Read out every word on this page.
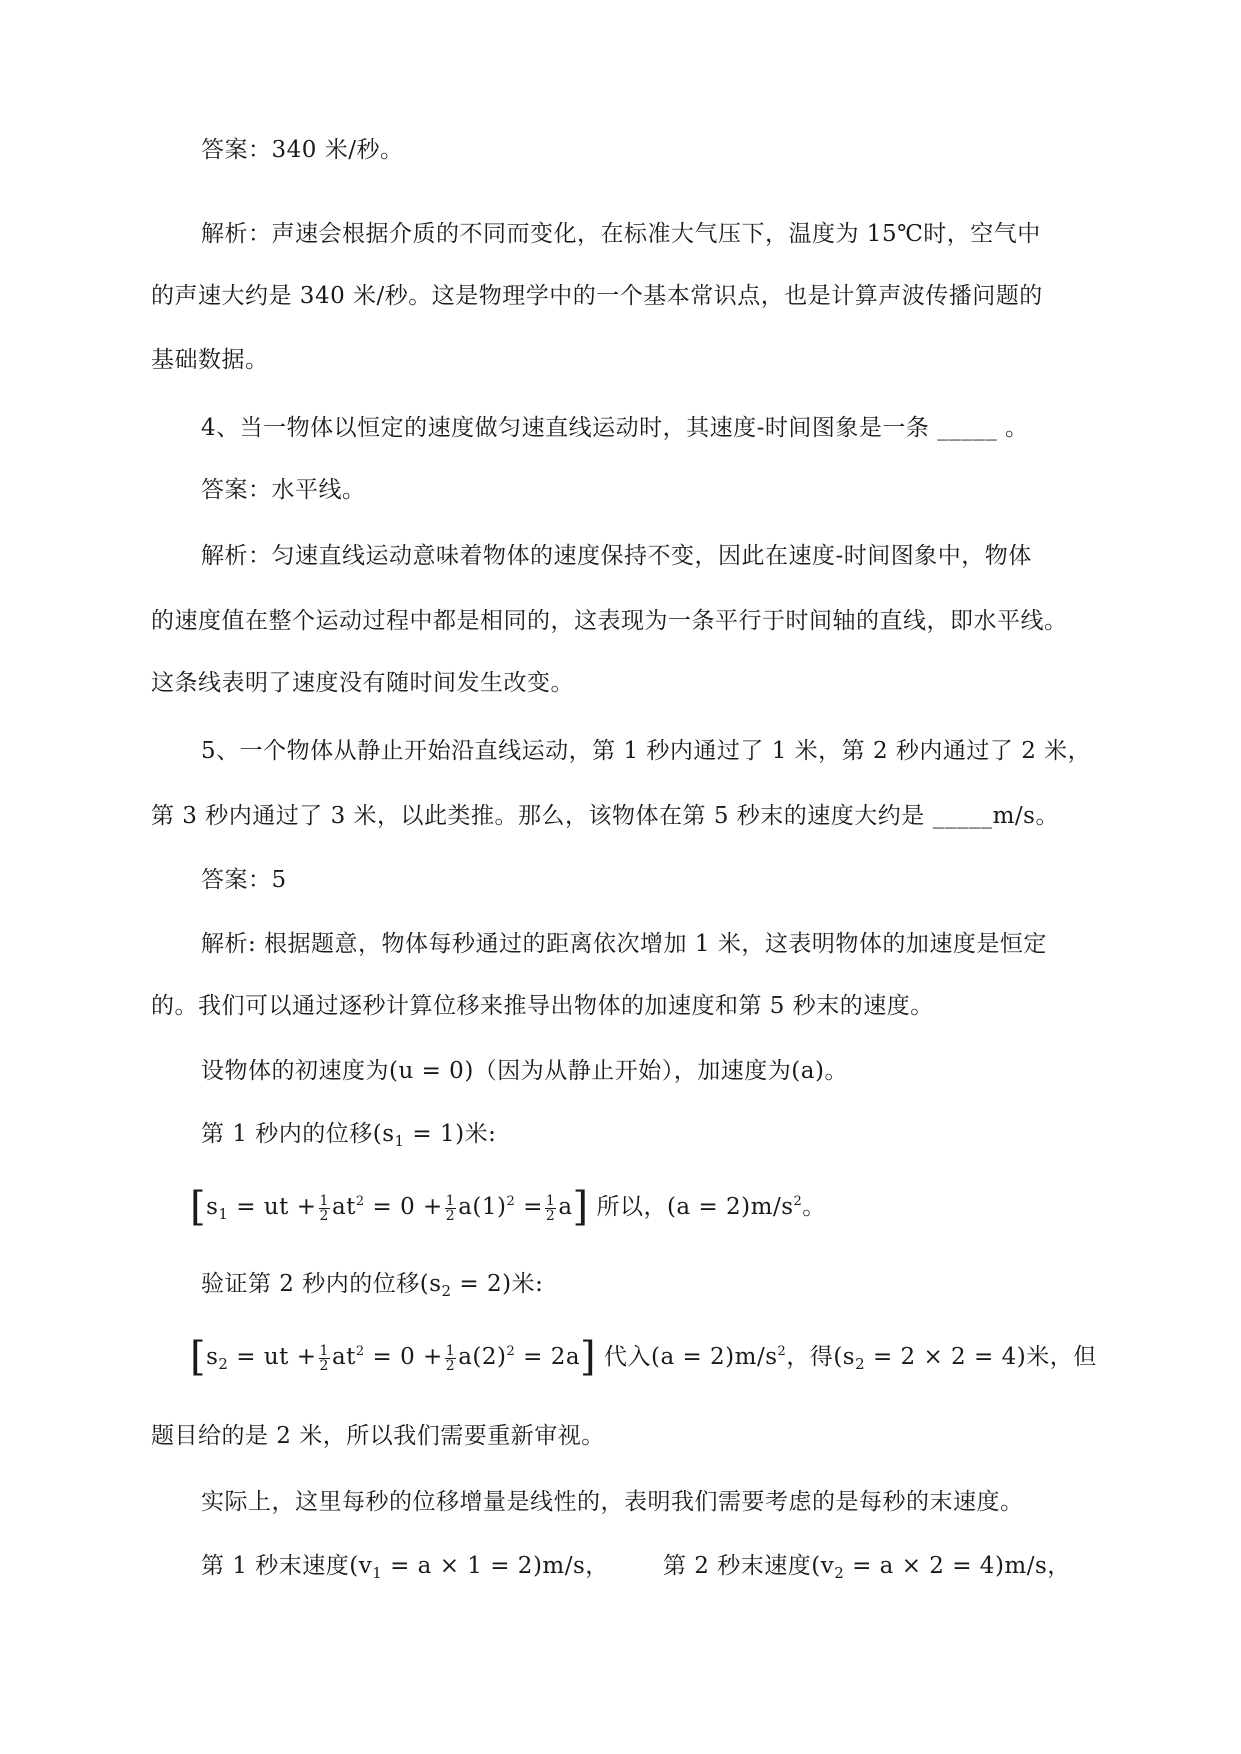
答案：340 米/秒。
解析：声速会根据介质的不同而变化，在标准大气压下，温度为 15℃时，空气中
的声速大约是 340 米/秒。这是物理学中的一个基本常识点，也是计算声波传播问题的
基础数据。
4、当一物体以恒定的速度做匀速直线运动时，其速度-时间图象是一条 _____ 。
答案：水平线。
解析：匀速直线运动意味着物体的速度保持不变，因此在速度-时间图象中，物体
的速度值在整个运动过程中都是相同的，这表现为一条平行于时间轴的直线，即水平线。
这条线表明了速度没有随时间发生改变。
5、一个物体从静止开始沿直线运动，第 1 秒内通过了 1 米，第 2 秒内通过了 2 米，
第 3 秒内通过了 3 米，以此类推。那么，该物体在第 5 秒末的速度大约是 _____m/s。
答案：5
解析: 根据题意，物体每秒通过的距离依次增加 1 米，这表明物体的加速度是恒定
的。我们可以通过逐秒计算位移来推导出物体的加速度和第 5 秒末的速度。
设物体的初速度为(u = 0)（因为从静止开始），加速度为(a)。
第 1 秒内的位移$(s_1 = 1)$米:
[$s_1$ = ut + $\frac{1}{2} at^2 = 0 + \frac{1}{2} a(1)^2 = \frac{1}{2} a$] 所以，$(a = 2)m/s^2$。
验证第 2 秒内的位移$(s_2 = 2)$米:
[$s_2$ = ut + $\frac{1}{2} at^2 = 0 + \frac{1}{2} a(2)^2 = 2a$] 代入$(a = 2)m/s^2$，得$(s_2 = 2 \times 2 = 4)$米，但
题目给的是 2 米，所以我们需要重新审视。
实际上，这里每秒的位移增量是线性的，表明我们需要考虑的是每秒的末速度。
第 1 秒末速度$(v_1 = a \times 1 = 2)m/s$， 第 2 秒末速度$(v_2 = a \times 2 = 4)m/s$，
